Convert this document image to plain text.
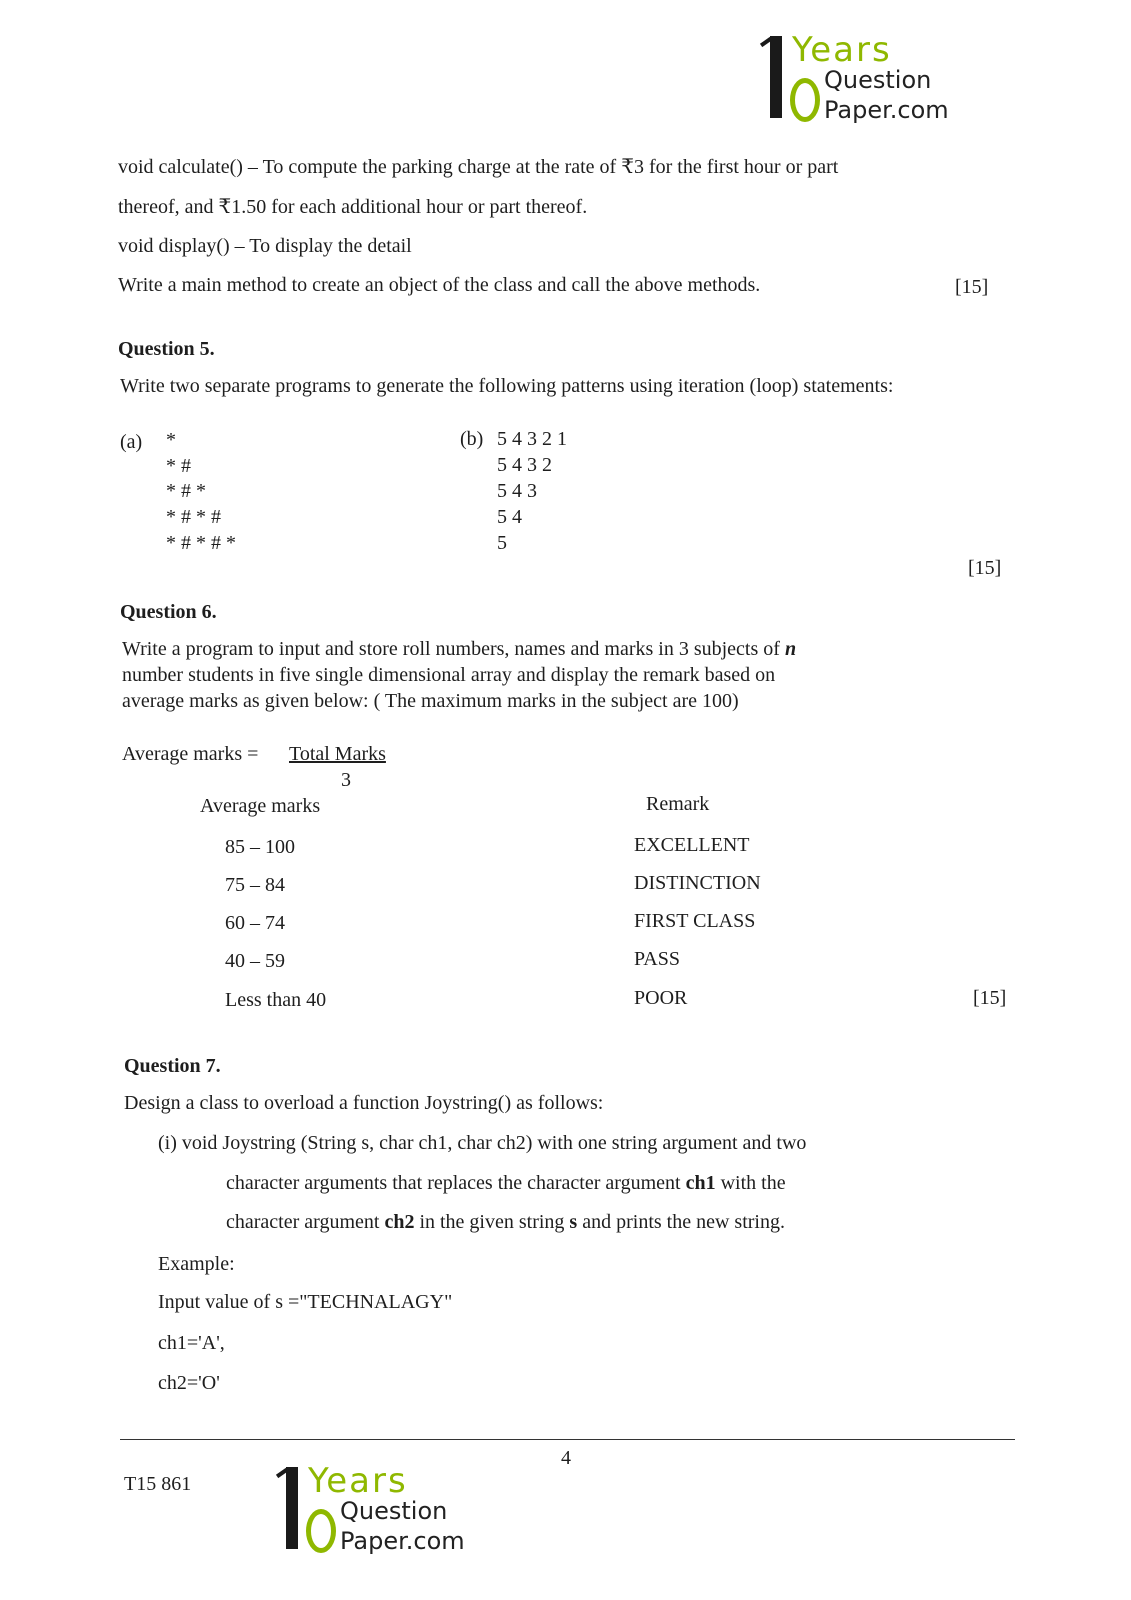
Years
Question
Paper.com
void calculate() – To compute the parking charge at the rate of ₹3 for the first hour or part
thereof, and ₹1.50 for each additional hour or part thereof.
void display() – To display the detail
Write a main method to create an object of the class and call the above methods.	[15]
Question 5.
Write two separate programs to generate the following patterns using iteration (loop) statements:
(a) *
* #
* # *
* # * #
* # * # *
(b) 5 4 3 2 1
5 4 3 2
5 4 3
5 4
5
[15]
Question 6.
Write a program to input and store roll numbers, names and marks in 3 subjects of n
number students in five single dimensional array and display the remark based on
average marks as given below: ( The maximum marks in the subject are 100)
Average marks = Total Marks
3
Average marks	Remark
85 – 100	EXCELLENT
75 – 84	DISTINCTION
60 – 74	FIRST CLASS
40 – 59	PASS
Less than 40	POOR	[15]
Question 7.
Design a class to overload a function Joystring() as follows:
(i) void Joystring (String s, char ch1, char ch2) with one string argument and two
character arguments that replaces the character argument ch1 with the
character argument ch2 in the given string s and prints the new string.
Example:
Input value of s ="TECHNALAGY"
ch1='A',
ch2='O'
4
T15 861	Years
Question
Paper.com
